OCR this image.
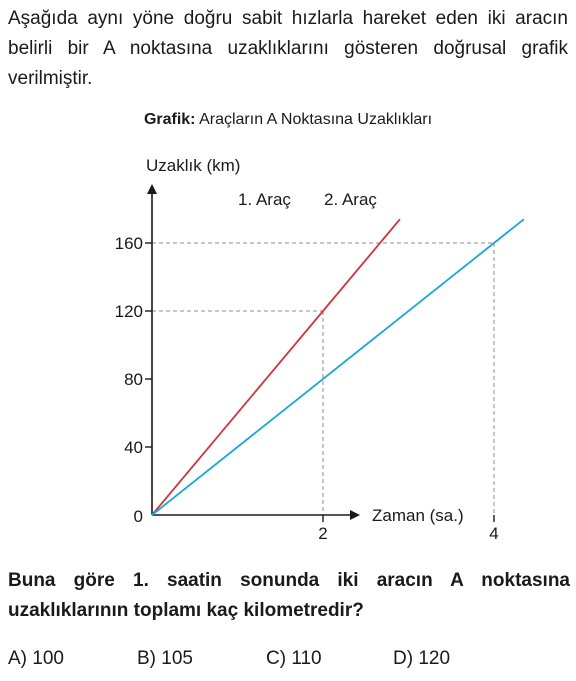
Aşağıda aynı yöne doğru sabit hızlarla hareket eden iki aracın belirli bir A noktasına uzaklıklarını gösteren doğrusal grafik verilmiştir.

Grafik: Araçların A Noktasına Uzaklıkları
Uzaklık (km)
Zaman (sa.)
0
40
80
120
160
2	4
1. Araç 2. Araç

Buna göre 1. saatin sonunda iki aracın A noktasına uzaklıklarının toplamı kaç kilometredir?

A) 100	B) 105	C) 110	D) 120
